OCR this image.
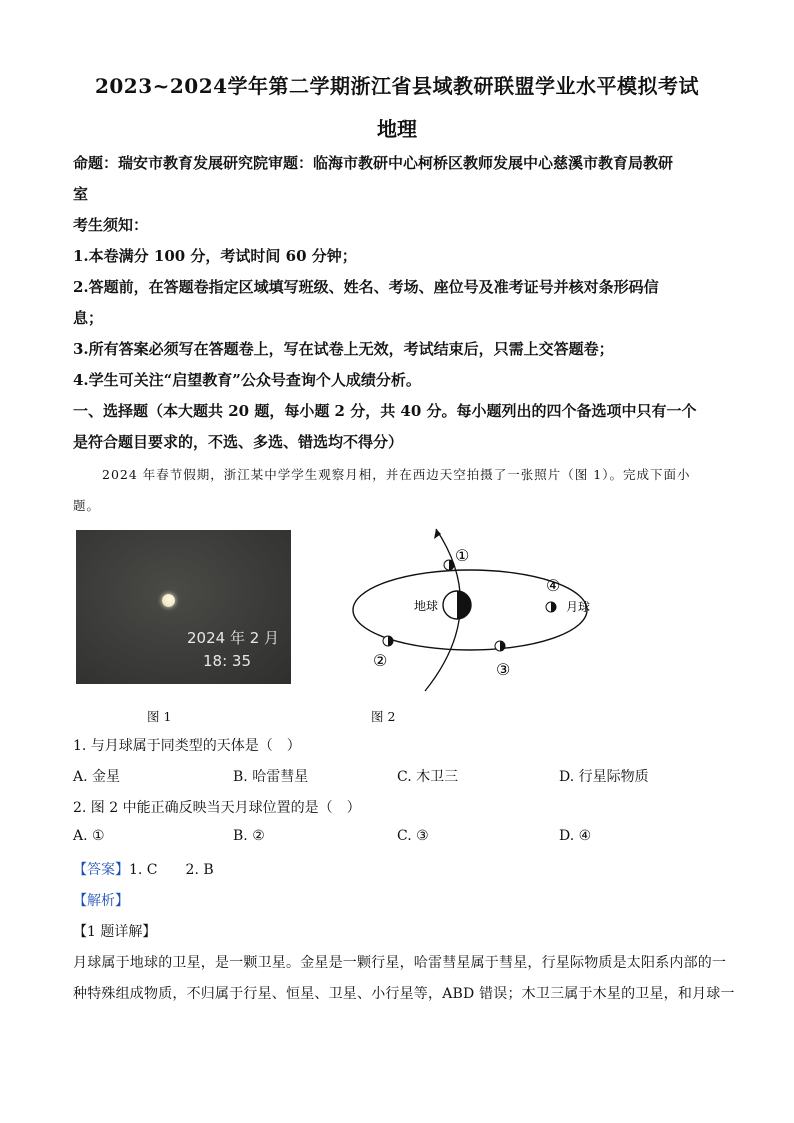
2023~2024学年第二学期浙江省县域教研联盟学业水平模拟考试
地理
命题：瑞安市教育发展研究院审题：临海市教研中心柯桥区教师发展中心慈溪市教育局教研
室
考生须知：
1.本卷满分 100 分，考试时间 60 分钟；
2.答题前，在答题卷指定区域填写班级、姓名、考场、座位号及准考证号并核对条形码信
息；
3.所有答案必须写在答题卷上，写在试卷上无效，考试结束后，只需上交答题卷；
4.学生可关注“启望教育”公众号查询个人成绩分析。
一、选择题（本大题共 20 题，每小题 2 分，共 40 分。每小题列出的四个备选项中只有一个
是符合题目要求的，不选、多选、错选均不得分）
2024 年春节假期，浙江某中学学生观察月相，并在西边天空拍摄了一张照片（图 1）。完成下面小
题。
2024 年 2 月
18: 35
图 1
地球
①
④
②	③
月球
图 2
1. 与月球属于同类型的天体是（　）
A. 金星	B. 哈雷彗星	C. 木卫三	D. 行星际物质
2. 图 2 中能正确反映当天月球位置的是（　）
A. ①	B. ②	C. ③	D. ④
【答案】1. C 2. B
【解析】
【1 题详解】
月球属于地球的卫星，是一颗卫星。金星是一颗行星，哈雷彗星属于彗星，行星际物质是太阳系内部的一
种特殊组成物质，不归属于行星、恒星、卫星、小行星等，ABD 错误；木卫三属于木星的卫星，和月球一
